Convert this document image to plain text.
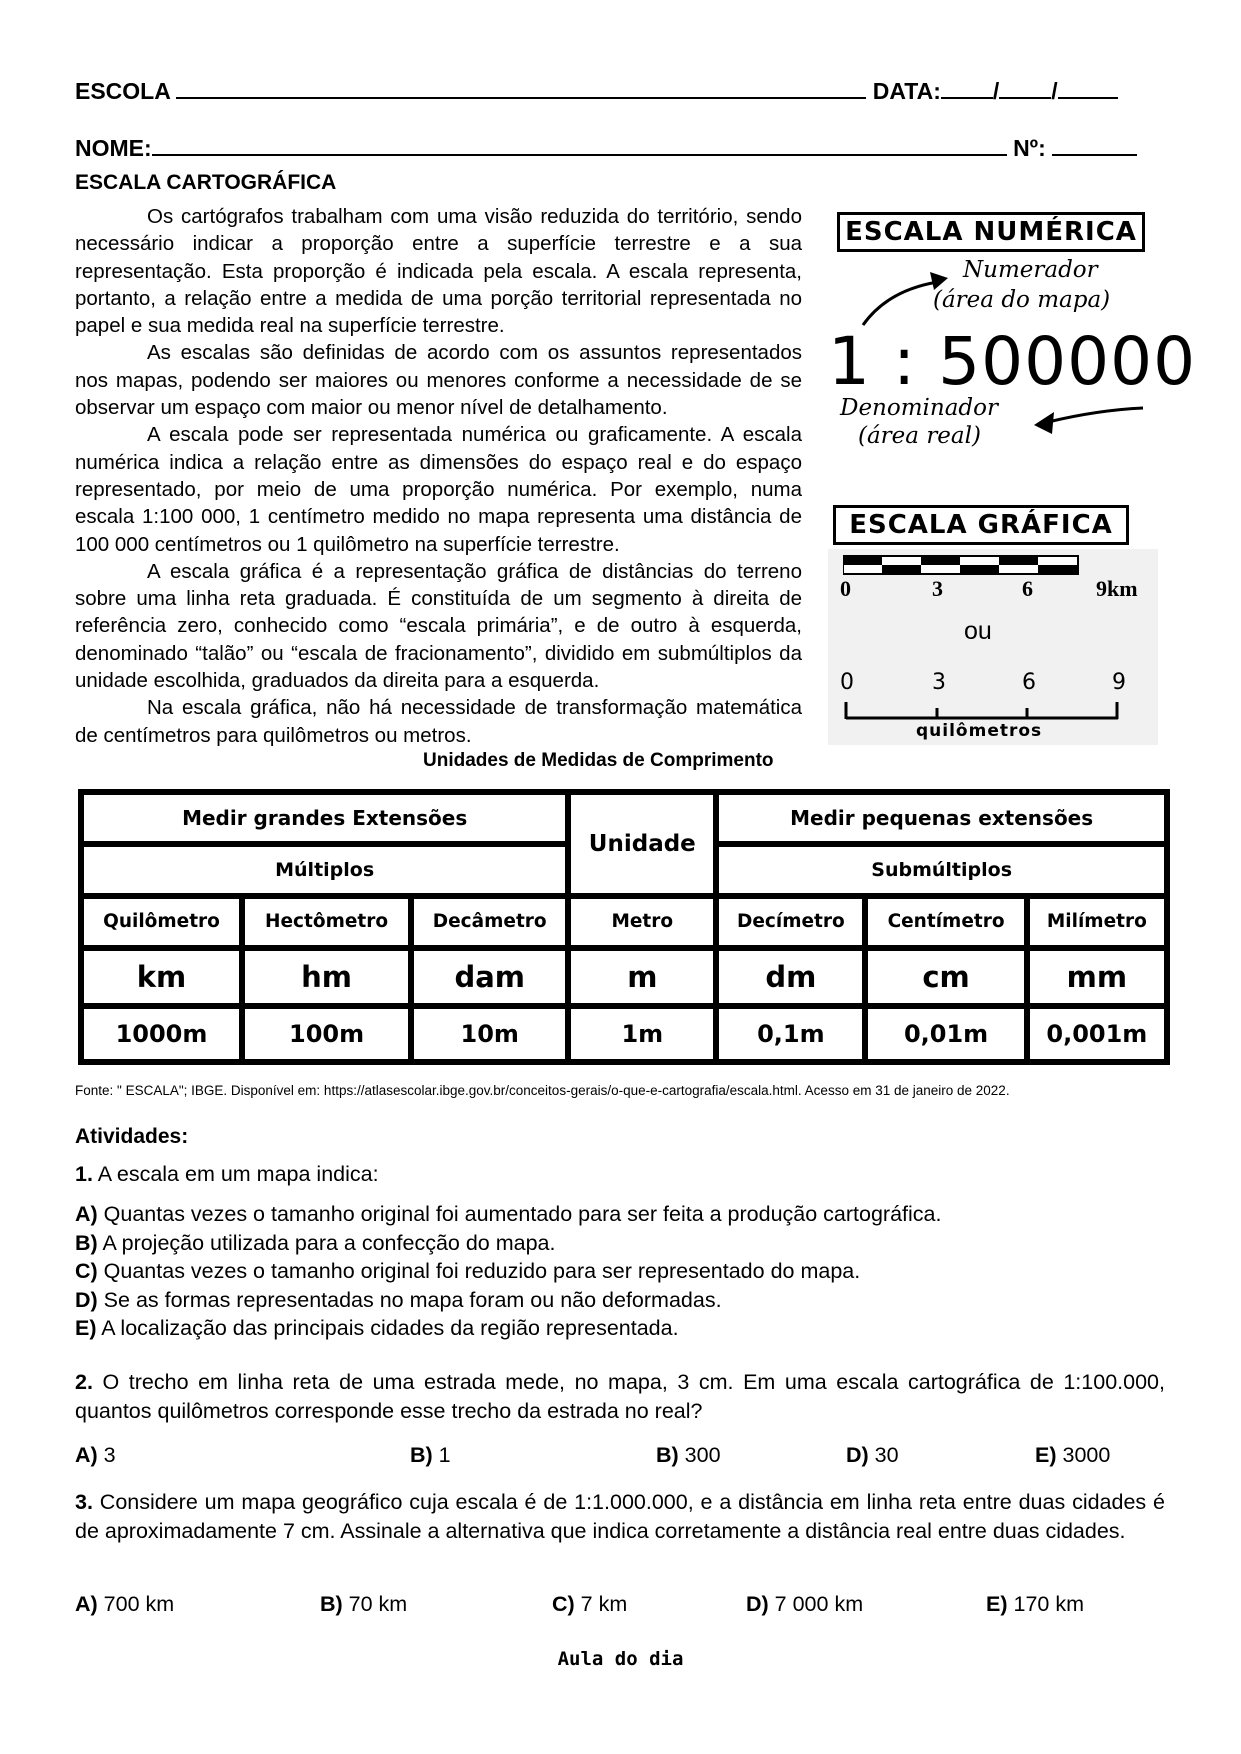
ESCOLA	DATA: / /
NOME:	Nº:
ESCALA CARTOGRÁFICA

Os cartógrafos trabalham com uma visão reduzida do território, sendo necessário indicar a proporção entre a superfície terrestre e a sua representação. Esta proporção é indicada pela escala. A escala representa, portanto, a relação entre a medida de uma porção territorial representada no papel e sua medida real na superfície terrestre.

As escalas são definidas de acordo com os assuntos representados nos mapas, podendo ser maiores ou menores conforme a necessidade de se observar um espaço com maior ou menor nível de detalhamento.

A escala pode ser representada numérica ou graficamente. A escala numérica indica a relação entre as dimensões do espaço real e do espaço representado, por meio de uma proporção numérica. Por exemplo, numa escala 1:100 000, 1 centímetro medido no mapa representa uma distância de 100 000 centímetros ou 1 quilômetro na superfície terrestre.

A escala gráfica é a representação gráfica de distâncias do terreno sobre uma linha reta graduada. É constituída de um segmento à direita de referência zero, conhecido como “escala primária”, e de outro à esquerda, denominado “talão” ou “escala de fracionamento”, dividido em submúltiplos da unidade escolhida, graduados da direita para a esquerda.

Na escala gráfica, não há necessidade de transformação matemática de centímetros para quilômetros ou metros.

ESCALA NUMÉRICA
Numerador
(área do mapa)
1 : 500000
Denominador
(área real)
ESCALA GRÁFICA
0	3	6	9km
ou
0	3	6	9
quilômetros
Unidades de Medidas de Comprimento
Medir grandes Extensões			Unidade	Medir pequenas extensões		
Múltiplos				Submúltiplos		
Quilômetro	Hectômetro	Decâmetro	Metro	Decímetro	Centímetro	Milímetro
km	hm	dam	m	dm	cm	mm
1000m	100m	10m	1m	0,1m	0,01m	0,001m
Fonte: " ESCALA"; IBGE. Disponível em: https://atlasescolar.ibge.gov.br/conceitos-gerais/o-que-e-cartografia/escala.html. Acesso em 31 de janeiro de 2022.
Atividades:
1. A escala em um mapa indica:
A) Quantas vezes o tamanho original foi aumentado para ser feita a produção cartográfica.
B) A projeção utilizada para a confecção do mapa.
C) Quantas vezes o tamanho original foi reduzido para ser representado do mapa.
D) Se as formas representadas no mapa foram ou não deformadas.
E) A localização das principais cidades da região representada.
2. O trecho em linha reta de uma estrada mede, no mapa, 3 cm. Em uma escala cartográfica de 1:100.000, quantos quilômetros corresponde esse trecho da estrada no real?
A) 3	B) 1	B) 300	D) 30	E) 3000
3. Considere um mapa geográfico cuja escala é de 1:1.000.000, e a distância em linha reta entre duas cidades é de aproximadamente 7 cm. Assinale a alternativa que indica corretamente a distância real entre duas cidades.
A) 700 km	B) 70 km	C) 7 km	D) 7 000 km	E) 170 km
Aula do dia
